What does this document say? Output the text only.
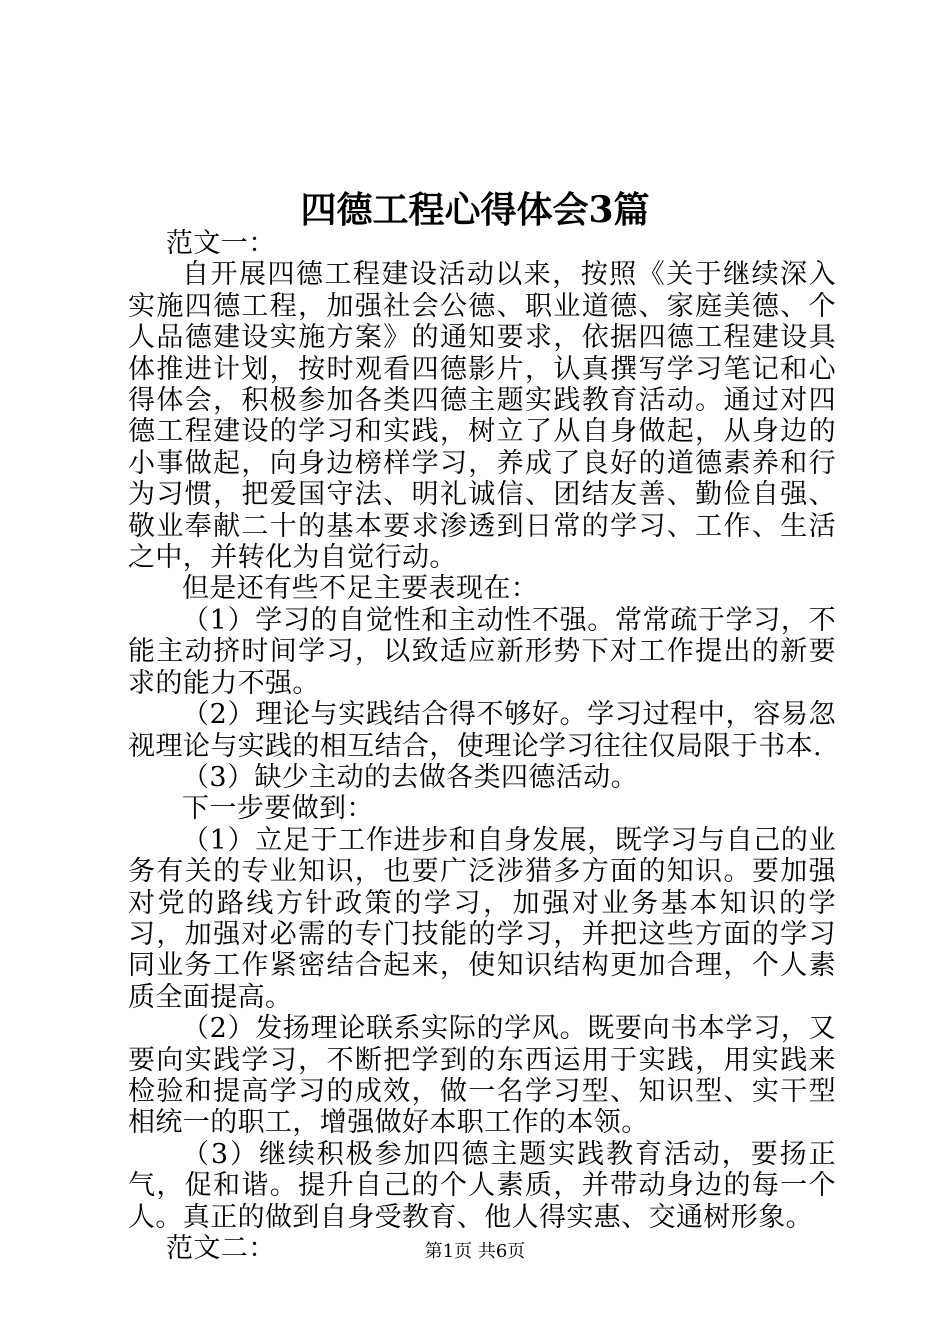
四德工程心得体会3篇

范文一：

自开展四德工程建设活动以来，按照《关于继续深入实施四德工程，加强社会公德、职业道德、家庭美德、个人品德建设实施方案》的通知要求，依据四德工程建设具体推进计划，按时观看四德影片，认真撰写学习笔记和心得体会，积极参加各类四德主题实践教育活动。通过对四德工程建设的学习和实践，树立了从自身做起，从身边的小事做起，向身边榜样学习，养成了良好的道德素养和行为习惯，把爱国守法、明礼诚信、团结友善、勤俭自强、敬业奉献二十的基本要求渗透到日常的学习、工作、生活之中，并转化为自觉行动。

但是还有些不足主要表现在：

（1）学习的自觉性和主动性不强。常常疏于学习，不能主动挤时间学习，以致适应新形势下对工作提出的新要求的能力不强。

（2）理论与实践结合得不够好。学习过程中，容易忽视理论与实践的相互结合，使理论学习往往仅局限于书本.

（3）缺少主动的去做各类四德活动。

下一步要做到：

（1）立足于工作进步和自身发展，既学习与自己的业务有关的专业知识，也要广泛涉猎多方面的知识。要加强对党的路线方针政策的学习，加强对业务基本知识的学习，加强对必需的专门技能的学习，并把这些方面的学习同业务工作紧密结合起来，使知识结构更加合理，个人素质全面提高。

（2）发扬理论联系实际的学风。既要向书本学习，又要向实践学习，不断把学到的东西运用于实践，用实践来检验和提高学习的成效，做一名学习型、知识型、实干型相统一的职工，增强做好本职工作的本领。

（3）继续积极参加四德主题实践教育活动，要扬正气，促和谐。提升自己的个人素质，并带动身边的每一个人。真正的做到自身受教育、他人得实惠、交通树形象。

范文二：	第1页 共6页
